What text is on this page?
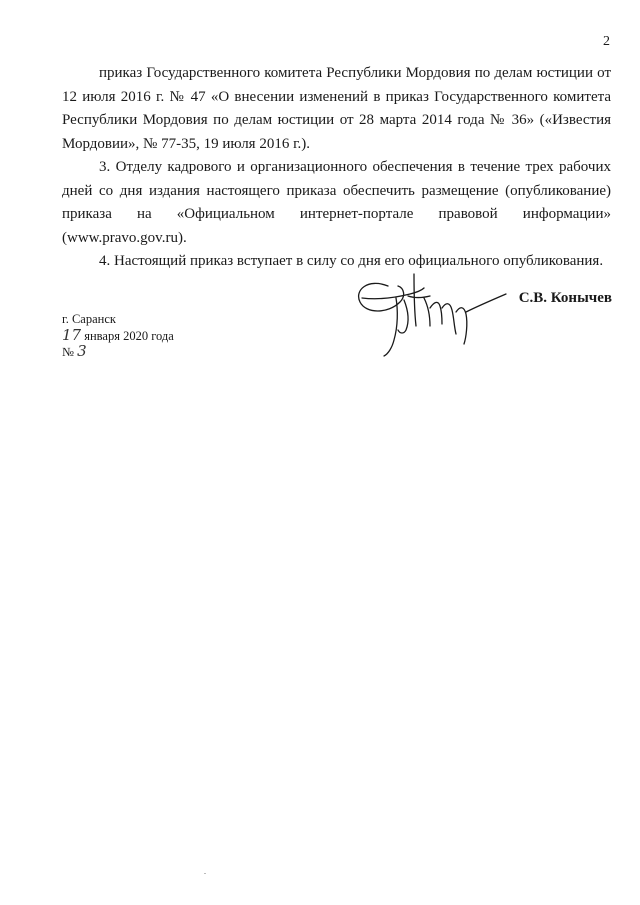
2

приказ Государственного комитета Республики Мордовия по делам юстиции от 12 июля 2016 г. № 47 «О внесении изменений в приказ Государственного комитета Республики Мордовия по делам юстиции от 28 марта 2014 года № 36» («Известия Мордовии», № 77-35, 19 июля 2016 г.).

3. Отделу кадрового и организационного обеспечения в течение трех рабочих дней со дня издания настоящего приказа обеспечить размещение (опубликование) приказа на «Официальном интернет-портале правовой информации» (www.pravo.gov.ru).

4. Настоящий приказ вступает в силу со дня его официального опубликования.

С.В. Конычев
г. Саранск
17 января 2020 года
№ 3
